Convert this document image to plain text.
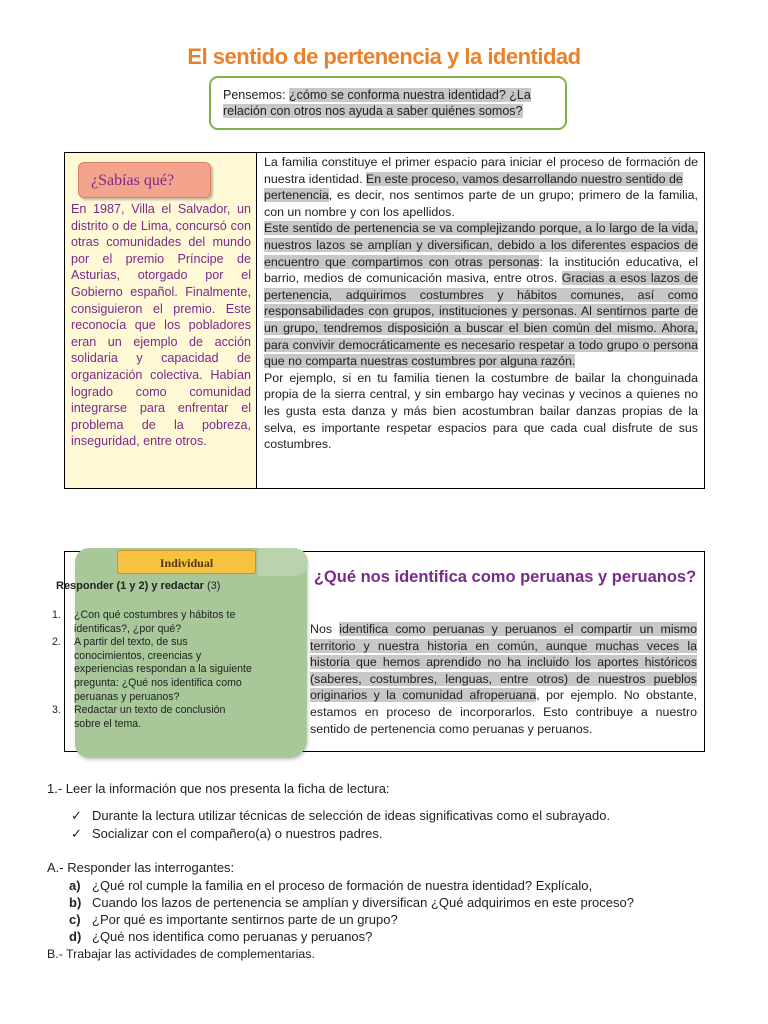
El sentido de pertenencia y la identidad
Pensemos: ¿cómo se conforma nuestra identidad? ¿La relación con otros nos ayuda a saber quiénes somos?
¿Sabías qué?
En 1987, Villa el Salvador, un distrito o de Lima, concursó con otras comunidades del mundo por el premio Príncipe de Asturias, otorgado por el Gobierno español. Finalmente, consiguieron el premio. Este reconocía que los pobladores eran un ejemplo de acción solidaria y capacidad de organización colectiva. Habían logrado como comunidad integrarse para enfrentar el problema de la pobreza, inseguridad, entre otros.

La familia constituye el primer espacio para iniciar el proceso de formación de nuestra identidad. En este proceso, vamos desarrollando nuestro sentido de
pertenencia, es decir, nos sentimos parte de un grupo; primero de la familia, con un nombre y con los apellidos.

Este sentido de pertenencia se va complejizando porque, a lo largo de la vida, nuestros lazos se amplían y diversifican, debido a los diferentes espacios de encuentro que compartimos con otras personas: la institución educativa, el barrio, medios de comunicación masiva, entre otros. Gracias a esos lazos de pertenencia, adquirimos costumbres y hábitos comunes, así como responsabilidades con grupos, instituciones y personas. Al sentirnos parte de un grupo, tendremos disposición a buscar el bien común del mismo. Ahora, para convivir democráticamente es necesario respetar a todo grupo o persona que no comparta nuestras costumbres por alguna razón.

Por ejemplo, si en tu familia tienen la costumbre de bailar la chonguinada propia de la sierra central, y sin embargo hay vecinas y vecinos a quienes no les gusta esta danza y más bien acostumbran bailar danzas propias de la selva, es importante respetar espacios para que cada cual disfrute de sus costumbres.

Individual
Responder (1 y 2) y redactar (3)
1. ¿Con qué costumbres y hábitos te identificas?, ¿por qué?
2. A partir del texto, de sus conocimientos, creencias y experiencias respondan a la siguiente pregunta: ¿Qué nos identifica como peruanas y peruanos?
3. Redactar un texto de conclusión sobre el tema.
¿Qué nos identifica como peruanas y peruanos?
Nos identifica como peruanas y peruanos el compartir un mismo territorio y nuestra historia en común, aunque muchas veces la historia que hemos aprendido no ha incluido los aportes históricos (saberes, costumbres, lenguas, entre otros) de nuestros pueblos originarios y la comunidad afroperuana, por ejemplo. No obstante, estamos en proceso de incorporarlos. Esto contribuye a nuestro sentido de pertenencia como peruanas y peruanos.
1.- Leer la información que nos presenta la ficha de lectura:
✓ Durante la lectura utilizar técnicas de selección de ideas significativas como el subrayado.
✓ Socializar con el compañero(a) o nuestros padres.
A.- Responder las interrogantes:
a) ¿Qué rol cumple la familia en el proceso de formación de nuestra identidad? Explícalo,
b) Cuando los lazos de pertenencia se amplían y diversifican ¿Qué adquirimos en este proceso?
c) ¿Por qué es importante sentirnos parte de un grupo?
d) ¿Qué nos identifica como peruanas y peruanos?
B.- Trabajar las actividades de complementarias.
